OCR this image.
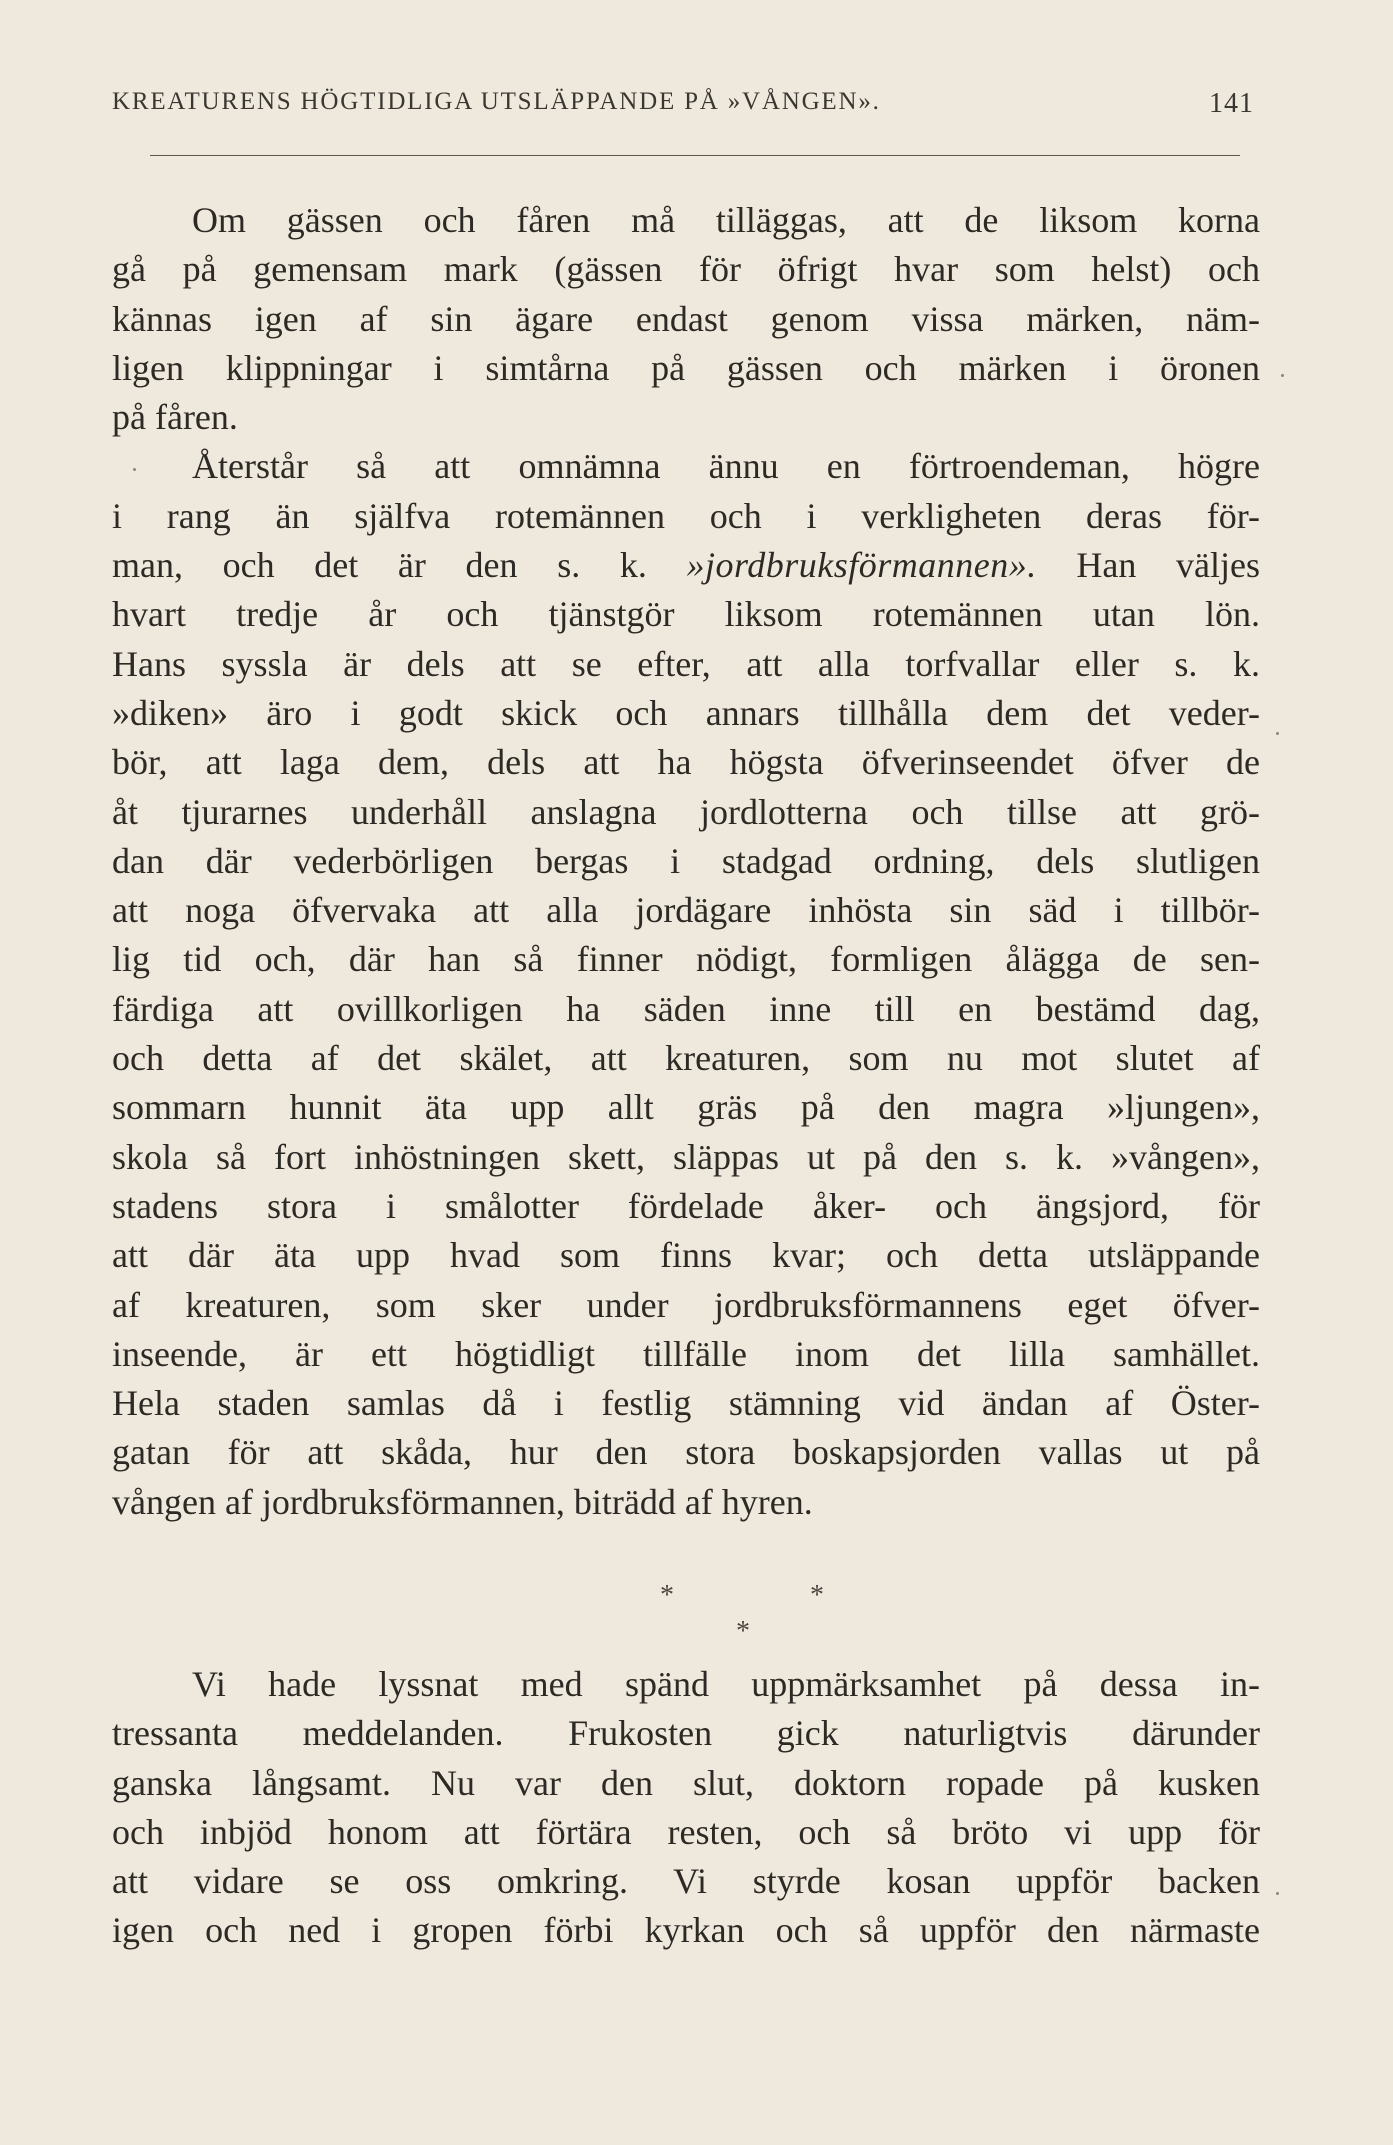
KREATURENS HÖGTIDLIGA UTSLÄPPANDE PÅ »VÅNGEN».	141
Om gässen och fåren må tilläggas, att de liksom korna
gå på gemensam mark (gässen för öfrigt hvar som helst) och
kännas igen af sin ägare endast genom vissa märken, näm-
ligen klippningar i simtårna på gässen och märken i öronen
på fåren.
Återstår så att omnämna ännu en förtroendeman, högre
i rang än själfva rotemännen och i verkligheten deras för-
man, och det är den s. k. »jordbruksförmannen». Han väljes
hvart tredje år och tjänstgör liksom rotemännen utan lön.
Hans syssla är dels att se efter, att alla torfvallar eller s. k.
»diken» äro i godt skick och annars tillhålla dem det veder-
bör, att laga dem, dels att ha högsta öfverinseendet öfver de
åt tjurarnes underhåll anslagna jordlotterna och tillse att grö-
dan där vederbörligen bergas i stadgad ordning, dels slutligen
att noga öfvervaka att alla jordägare inhösta sin säd i tillbör-
lig tid och, där han så finner nödigt, formligen ålägga de sen-
färdiga att ovillkorligen ha säden inne till en bestämd dag,
och detta af det skälet, att kreaturen, som nu mot slutet af
sommarn hunnit äta upp allt gräs på den magra »ljungen»,
skola så fort inhöstningen skett, släppas ut på den s. k. »vången»,
stadens stora i smålotter fördelade åker- och ängsjord, för
att där äta upp hvad som finns kvar; och detta utsläppande
af kreaturen, som sker under jordbruksförmannens eget öfver-
inseende, är ett högtidligt tillfälle inom det lilla samhället.
Hela staden samlas då i festlig stämning vid ändan af Öster-
gatan för att skåda, hur den stora boskapsjorden vallas ut på
vången af jordbruksförmannen, biträdd af hyren.
*	*
*
Vi hade lyssnat med spänd uppmärksamhet på dessa in-
tressanta meddelanden. Frukosten gick naturligtvis därunder
ganska långsamt. Nu var den slut, doktorn ropade på kusken
och inbjöd honom att förtära resten, och så bröto vi upp för
att vidare se oss omkring. Vi styrde kosan uppför backen
igen och ned i gropen förbi kyrkan och så uppför den närmaste
